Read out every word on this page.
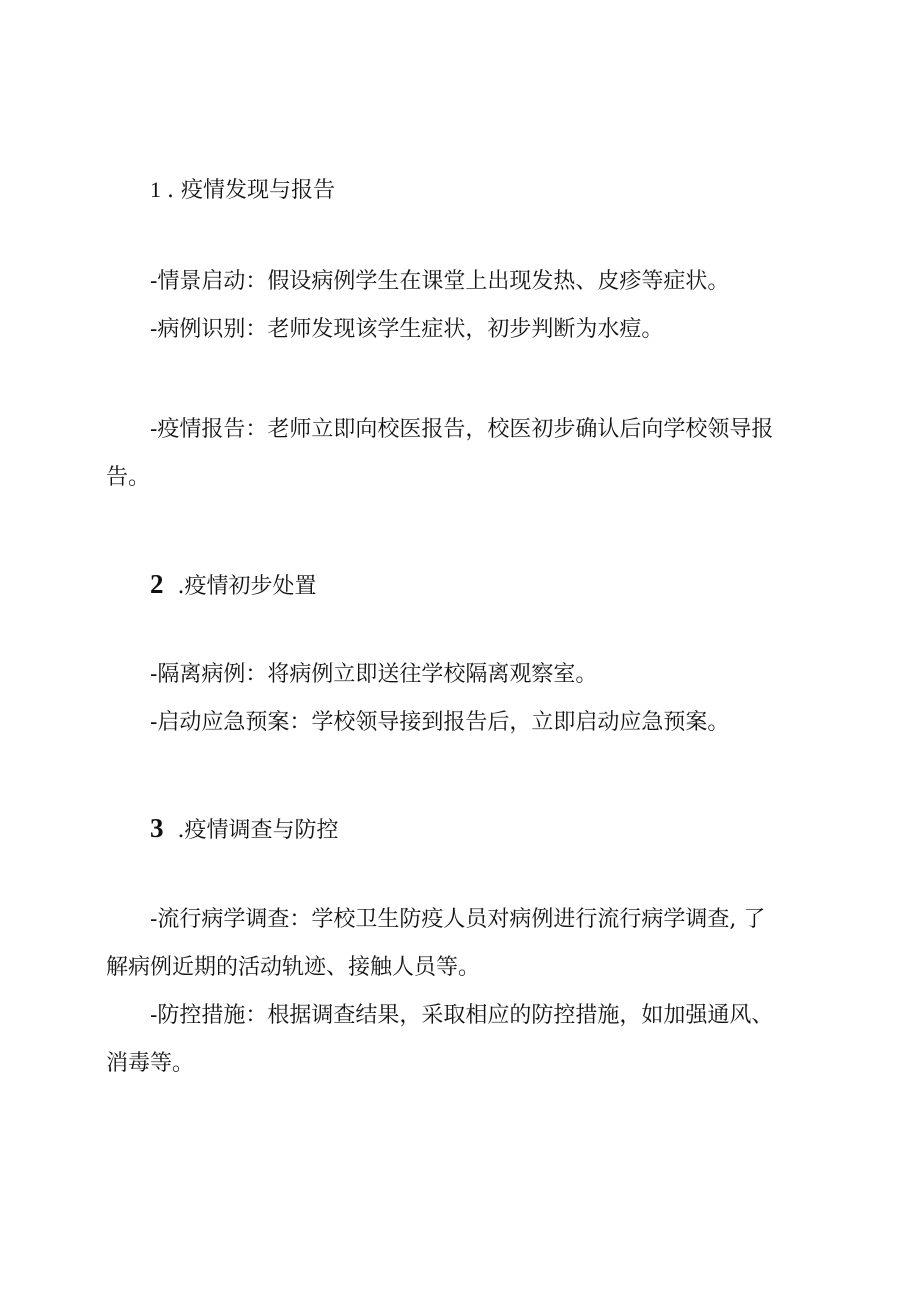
1 . 疫情发现与报告
-情景启动：假设病例学生在课堂上出现发热、皮疹等症状。
-病例识别：老师发现该学生症状，初步判断为水痘。
-疫情报告：老师立即向校医报告，校医初步确认后向学校领导报
告。
2 .疫情初步处置
-隔离病例：将病例立即送往学校隔离观察室。
-启动应急预案：学校领导接到报告后，立即启动应急预案。
3 .疫情调查与防控
-流行病学调查：学校卫生防疫人员对病例进行流行病学调查, 了
解病例近期的活动轨迹、接触人员等。
-防控措施：根据调查结果，采取相应的防控措施，如加强通风、
消毒等。
